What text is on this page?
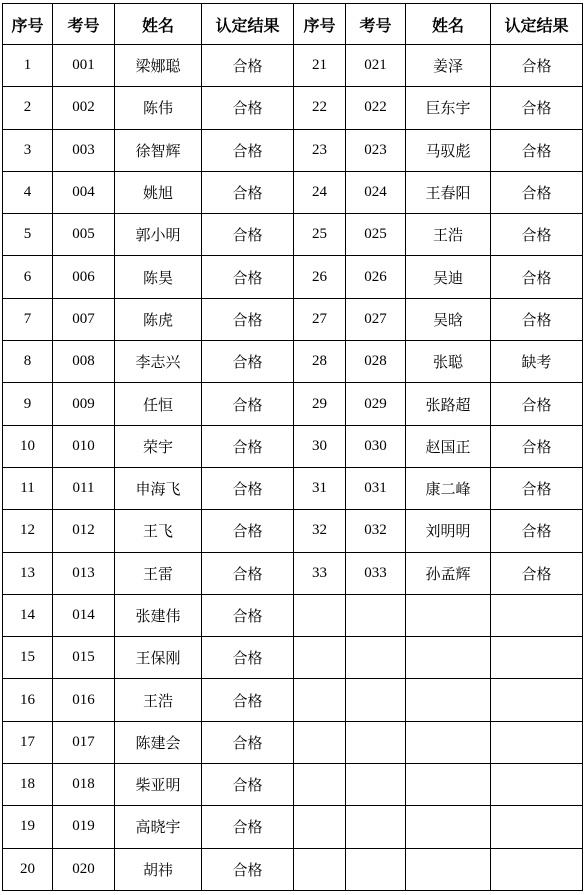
序号	考号	姓名	认定结果	序号	考号	姓名	认定结果
1	001	梁娜聪	合格	21	021	姜泽	合格
2	002	陈伟	合格	22	022	巨东宇	合格
3	003	徐智辉	合格	23	023	马驭彪	合格
4	004	姚旭	合格	24	024	王春阳	合格
5	005	郭小明	合格	25	025	王浩	合格
6	006	陈昊	合格	26	026	吴迪	合格
7	007	陈虎	合格	27	027	吴晗	合格
8	008	李志兴	合格	28	028	张聪	缺考
9	009	任恒	合格	29	029	张路超	合格
10	010	荣宇	合格	30	030	赵国正	合格
11	011	申海飞	合格	31	031	康二峰	合格
12	012	王飞	合格	32	032	刘明明	合格
13	013	王雷	合格	33	033	孙孟辉	合格
14	014	张建伟	合格				
15	015	王保刚	合格				
16	016	王浩	合格				
17	017	陈建会	合格				
18	018	柴亚明	合格				
19	019	高晓宇	合格				
20	020	胡祎	合格				
